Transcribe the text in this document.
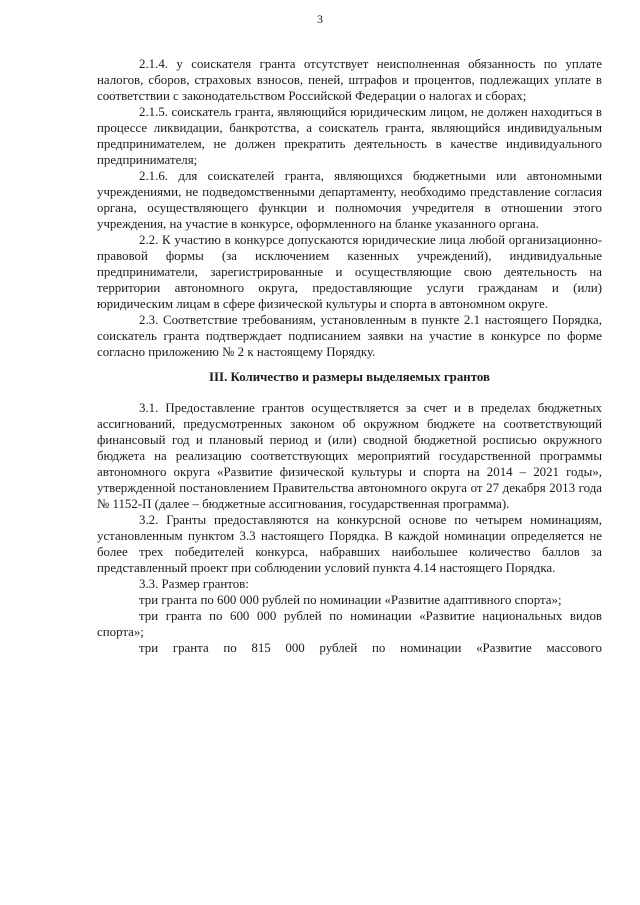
3

2.1.4. у соискателя гранта отсутствует неисполненная обязанность по уплате налогов, сборов, страховых взносов, пеней, штрафов и процентов, подлежащих уплате в соответствии с законодательством Российской Федерации о налогах и сборах;

2.1.5. соискатель гранта, являющийся юридическим лицом, не должен находиться в процессе ликвидации, банкротства, а соискатель гранта, являющийся индивидуальным предпринимателем, не должен прекратить деятельность в качестве индивидуального предпринимателя;

2.1.6. для соискателей гранта, являющихся бюджетными или автономными учреждениями, не подведомственными департаменту, необходимо представление согласия органа, осуществляющего функции и полномочия учредителя в отношении этого учреждения, на участие в конкурсе, оформленного на бланке указанного органа.

2.2. К участию в конкурсе допускаются юридические лица любой организационно-правовой формы (за исключением казенных учреждений), индивидуальные предприниматели, зарегистрированные и осуществляющие свою деятельность на территории автономного округа, предоставляющие услуги гражданам и (или) юридическим лицам в сфере физической культуры и спорта в автономном округе.

2.3. Соответствие требованиям, установленным в пункте 2.1 настоящего Порядка, соискатель гранта подтверждает подписанием заявки на участие в конкурсе по форме согласно приложению № 2 к настоящему Порядку.

III. Количество и размеры выделяемых грантов

3.1. Предоставление грантов осуществляется за счет и в пределах бюджетных ассигнований, предусмотренных законом об окружном бюджете на соответствующий финансовый год и плановый период и (или) сводной бюджетной росписью окружного бюджета на реализацию соответствующих мероприятий государственной программы автономного округа «Развитие физической культуры и спорта на 2014 – 2021 годы», утвержденной постановлением Правительства автономного округа от 27 декабря 2013 года № 1152-П (далее – бюджетные ассигнования, государственная программа).

3.2. Гранты предоставляются на конкурсной основе по четырем номинациям, установленным пунктом 3.3 настоящего Порядка. В каждой номинации определяется не более трех победителей конкурса, набравших наибольшее количество баллов за представленный проект при соблюдении условий пункта 4.14 настоящего Порядка.

3.3. Размер грантов:

три гранта по 600 000 рублей по номинации «Развитие адаптивного спорта»;

три гранта по 600 000 рублей по номинации «Развитие национальных видов спорта»;

три гранта по 815 000 рублей по номинации «Развитие массового
